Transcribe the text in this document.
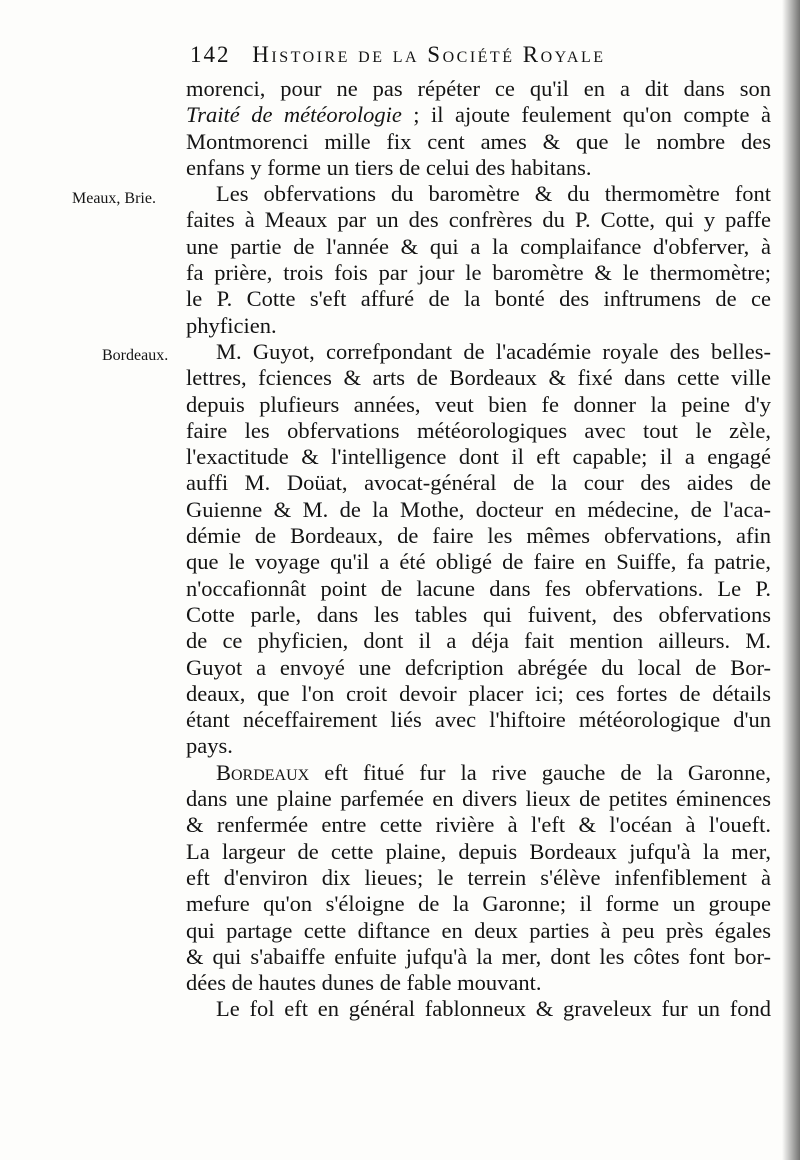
142 Histoire de la Société Royale
Meaux, Brie.
Bordeaux.
morenci, pour ne pas répéter ce qu'il en a dit dans son
Traité de météorologie ; il ajoute feulement qu'on compte à
Montmorenci mille fix cent ames & que le nombre des
enfans y forme un tiers de celui des habitans.
Les obfervations du baromètre & du thermomètre font
faites à Meaux par un des confrères du P. Cotte, qui y paffe
une partie de l'année & qui a la complaifance d'obferver, à
fa prière, trois fois par jour le baromètre & le thermomètre;
le P. Cotte s'eft affuré de la bonté des inftrumens de ce
phyficien.
M. Guyot, correfpondant de l'académie royale des belles-
lettres, fciences & arts de Bordeaux & fixé dans cette ville
depuis plufieurs années, veut bien fe donner la peine d'y
faire les obfervations météorologiques avec tout le zèle,
l'exactitude & l'intelligence dont il eft capable; il a engagé
auffi M. Doüat, avocat-général de la cour des aides de
Guienne & M. de la Mothe, docteur en médecine, de l'aca-
démie de Bordeaux, de faire les mêmes obfervations, afin
que le voyage qu'il a été obligé de faire en Suiffe, fa patrie,
n'occafionnât point de lacune dans fes obfervations. Le P.
Cotte parle, dans les tables qui fuivent, des obfervations
de ce phyficien, dont il a déja fait mention ailleurs. M.
Guyot a envoyé une defcription abrégée du local de Bor-
deaux, que l'on croit devoir placer ici; ces fortes de détails
étant néceffairement liés avec l'hiftoire météorologique d'un
pays.
Bordeaux eft fitué fur la rive gauche de la Garonne,
dans une plaine parfemée en divers lieux de petites éminences
& renfermée entre cette rivière à l'eft & l'océan à l'oueft.
La largeur de cette plaine, depuis Bordeaux jufqu'à la mer,
eft d'environ dix lieues; le terrein s'élève infenfiblement à
mefure qu'on s'éloigne de la Garonne; il forme un groupe
qui partage cette diftance en deux parties à peu près égales
& qui s'abaiffe enfuite jufqu'à la mer, dont les côtes font bor-
dées de hautes dunes de fable mouvant.
Le fol eft en général fablonneux & graveleux fur un fond
